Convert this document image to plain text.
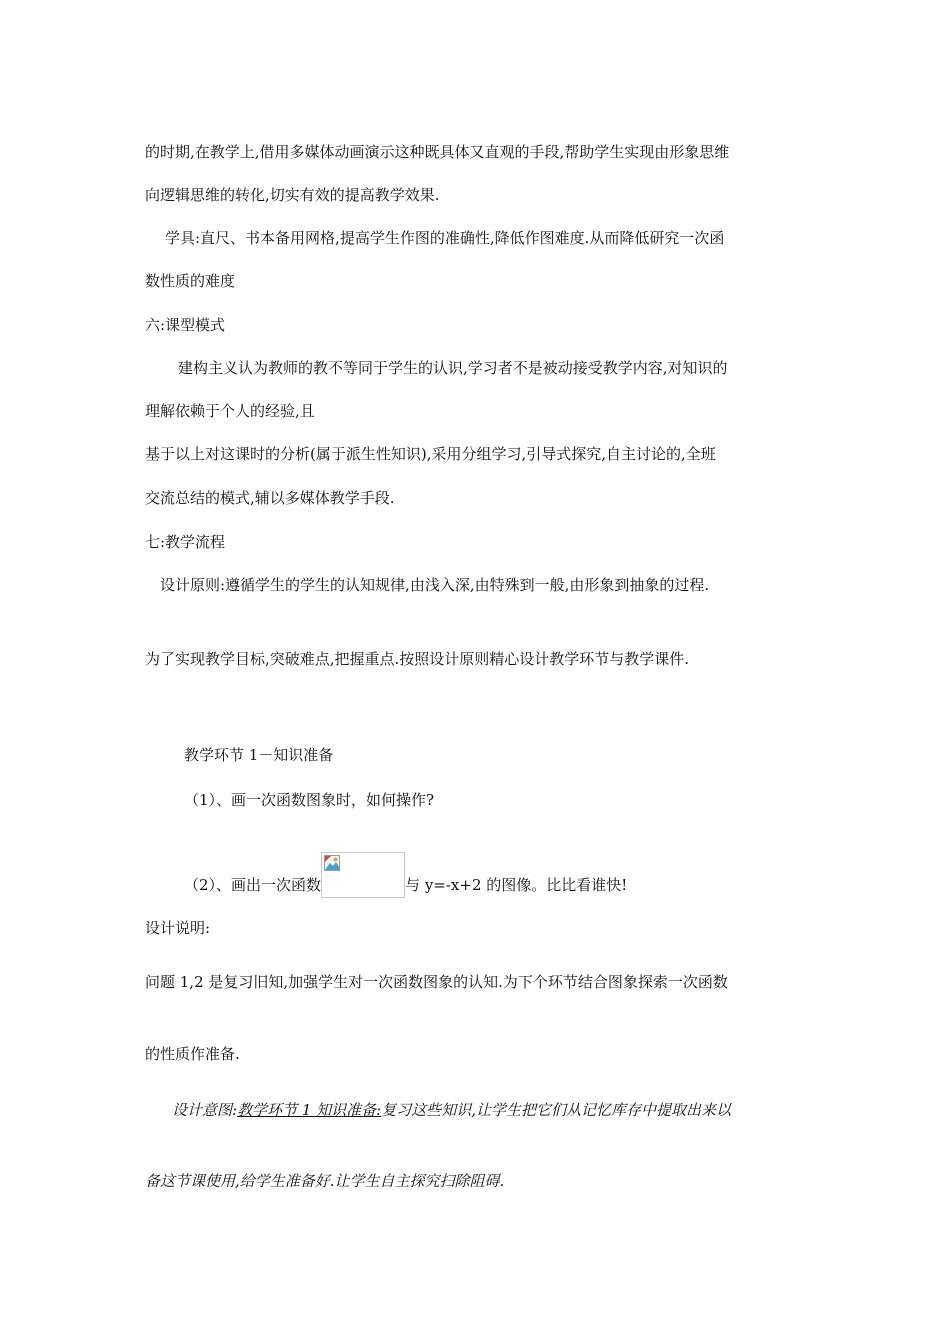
的时期,在教学上,借用多媒体动画演示这种既具体又直观的手段,帮助学生实现由形象思维
向逻辑思维的转化,切实有效的提高教学效果.
学具:直尺、书本备用网格,提高学生作图的准确性,降低作图难度.从而降低研究一次函
数性质的难度
六:课型模式
建构主义认为教师的教不等同于学生的认识,学习者不是被动接受教学内容,对知识的
理解依赖于个人的经验,且
基于以上对这课时的分析(属于派生性知识),采用分组学习,引导式探究,自主讨论的,全班
交流总结的模式,辅以多媒体教学手段.
七:教学流程
设计原则:遵循学生的学生的认知规律,由浅入深,由特殊到一般,由形象到抽象的过程.
为了实现教学目标,突破难点,把握重点.按照设计原则精心设计教学环节与教学课件.
教学环节 1－知识准备
（1）、画一次函数图象时，如何操作?
（2）、画出一次函数	与 y=-x+2 的图像。比比看谁快!
设计说明:
问题 1,2 是复习旧知,加强学生对一次函数图象的认知.为下个环节结合图象探索一次函数
的性质作准备.
设计意图:教学环节 1 知识准备:复习这些知识,让学生把它们从记忆库存中提取出来以
备这节课使用,给学生准备好.让学生自主探究扫除阻碍.
